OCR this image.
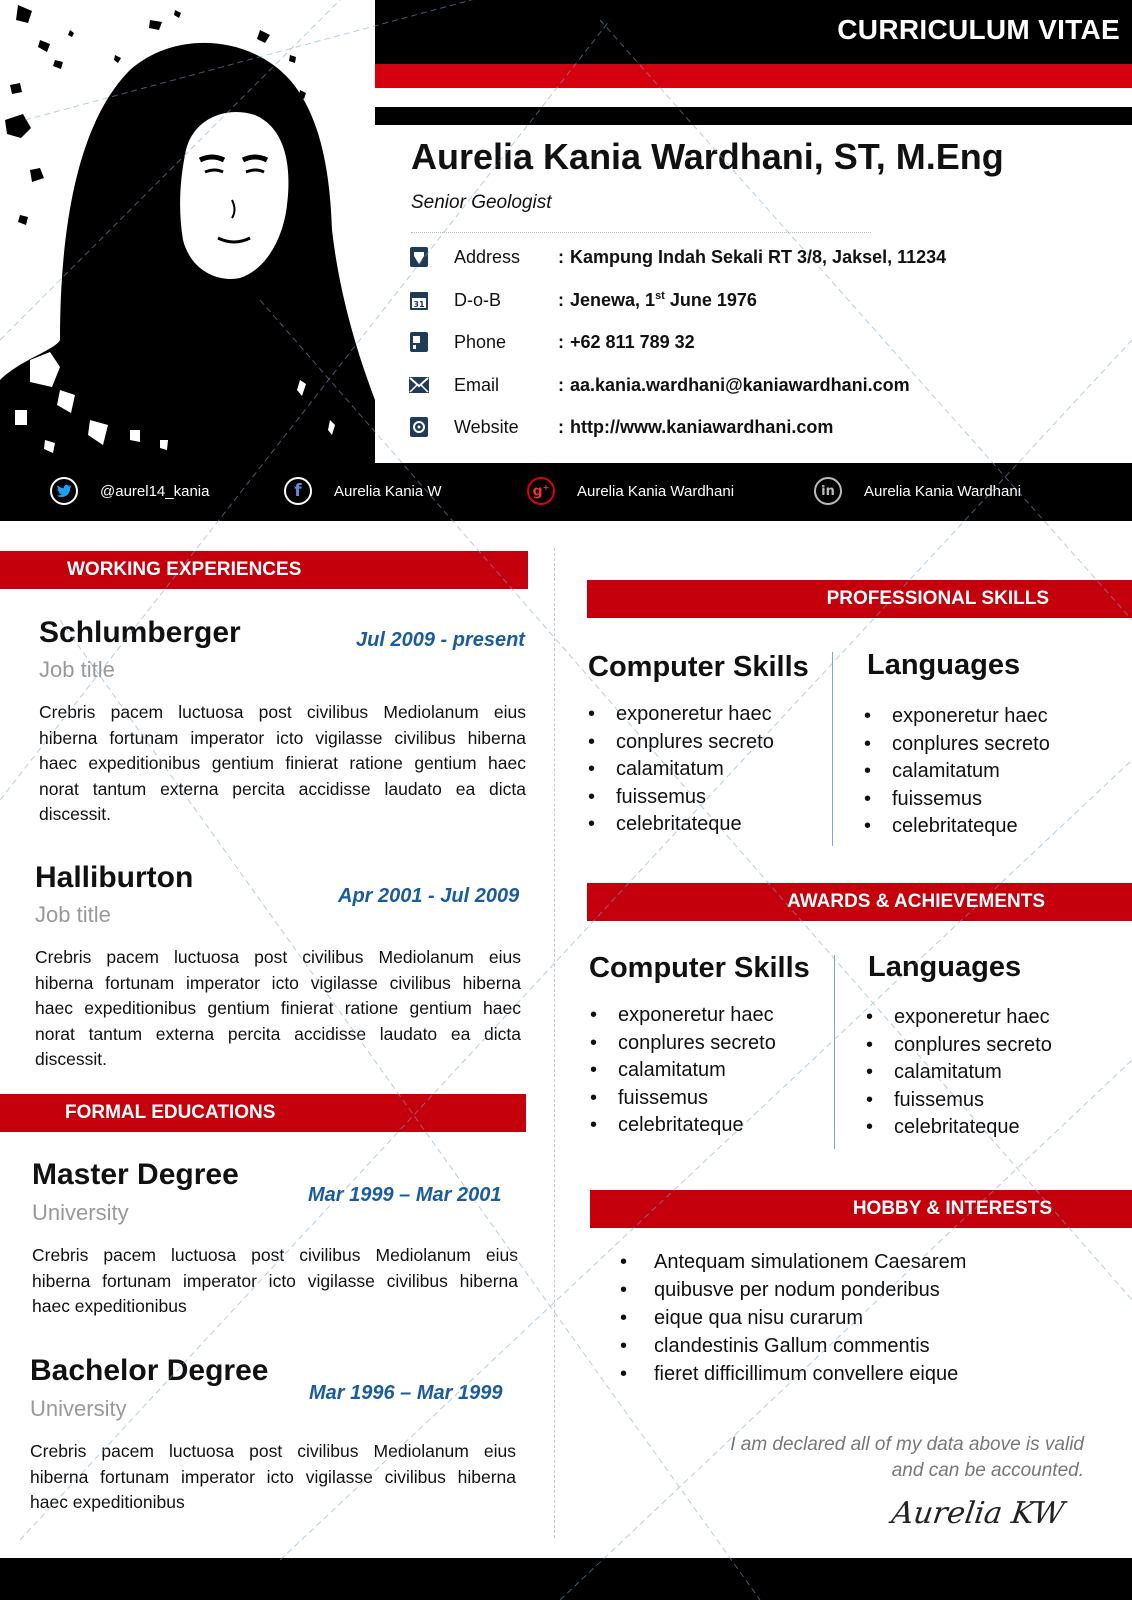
CURRICULUM VITAE
Aurelia Kania Wardhani, ST, M.Eng
Senior Geologist
Address	: Kampung Indah Sekali RT 3/8, Jaksel, 11234
31 D-o-B	: Jenewa, 1st June 1976
Phone	: +62 811 789 32
Email	: aa.kania.wardhani@kaniawardhani.com
Website	: http://www.kaniawardhani.com
@aurel14_kania	f Aurelia Kania W	g+ Aurelia Kania Wardhani	in Aurelia Kania Wardhani
WORKING EXPERIENCES
Schlumberger
Job title
Jul 2009 - present
Crebris pacem luctuosa post civilibus Mediolanum eius hiberna fortunam imperator icto vigilasse civilibus hiberna haec expeditionibus gentium finierat ratione gentium haec norat tantum externa percita accidisse laudato ea dicta discessit.
Halliburton
Job title
Apr 2001 - Jul 2009
Crebris pacem luctuosa post civilibus Mediolanum eius hiberna fortunam imperator icto vigilasse civilibus hiberna haec expeditionibus gentium finierat ratione gentium haec norat tantum externa percita accidisse laudato ea dicta discessit.
FORMAL EDUCATIONS
Master Degree
University
Mar 1999 – Mar 2001
Crebris pacem luctuosa post civilibus Mediolanum eius hiberna fortunam imperator icto vigilasse civilibus hiberna haec expeditionibus
Bachelor Degree
University
Mar 1996 – Mar 1999
Crebris pacem luctuosa post civilibus Mediolanum eius hiberna fortunam imperator icto vigilasse civilibus hiberna haec expeditionibus
PROFESSIONAL SKILLS
Computer Skills
• exponeretur haec
• conplures secreto
• calamitatum
• fuissemus
• celebritateque
Languages
• exponeretur haec
• conplures secreto
• calamitatum
• fuissemus
• celebritateque
AWARDS & ACHIEVEMENTS
Computer Skills
• exponeretur haec
• conplures secreto
• calamitatum
• fuissemus
• celebritateque
Languages
• exponeretur haec
• conplures secreto
• calamitatum
• fuissemus
• celebritateque
HOBBY & INTERESTS
• Antequam simulationem Caesarem
• quibusve per nodum ponderibus
• eique qua nisu curarum
• clandestinis Gallum commentis
• fieret difficillimum convellere eique
I am declared all of my data above is valid
and can be accounted.
Aurelia KW
